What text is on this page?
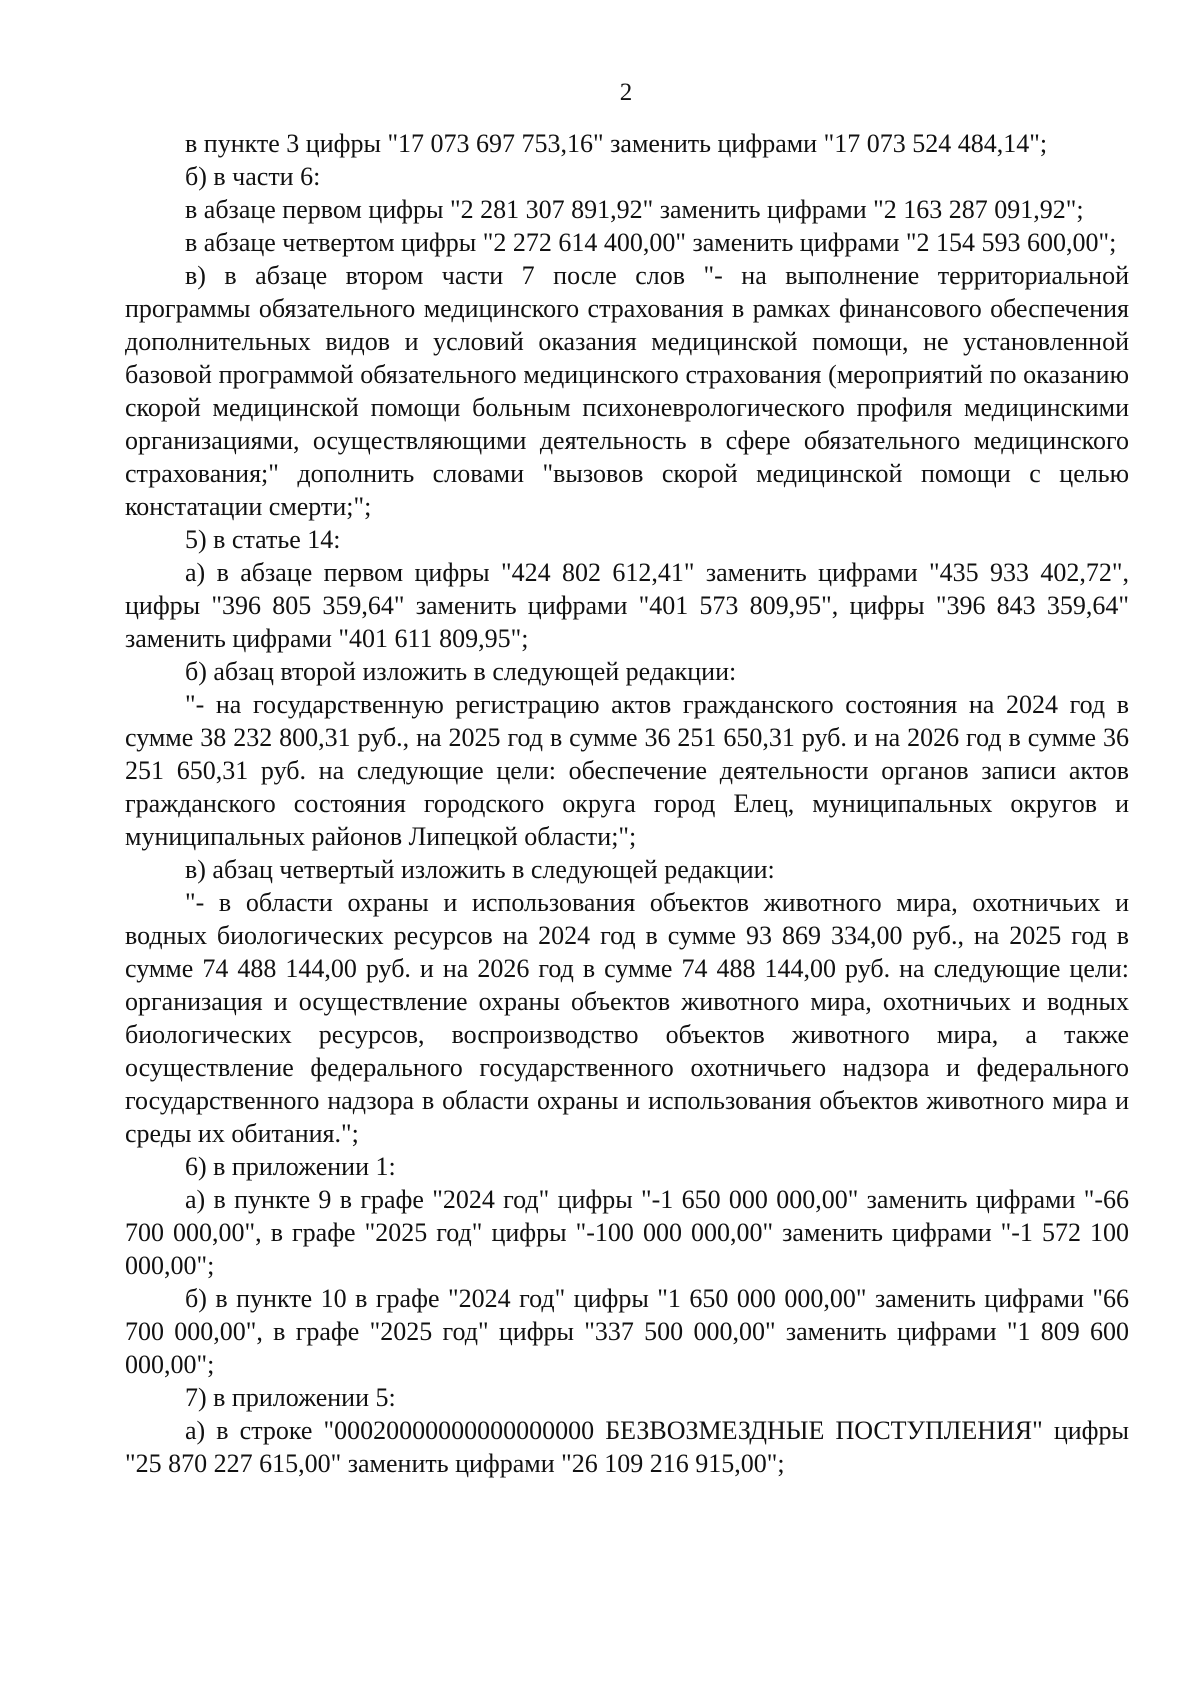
2

в пункте 3 цифры "17 073 697 753,16" заменить цифрами "17 073 524 484,14";

б) в части 6:

в абзаце первом цифры "2 281 307 891,92" заменить цифрами "2 163 287 091,92";

в абзаце четвертом цифры "2 272 614 400,00" заменить цифрами "2 154 593 600,00";

в) в абзаце втором части 7 после слов "- на выполнение территориальной программы обязательного медицинского страхования в рамках финансового обеспечения дополнительных видов и условий оказания медицинской помощи, не установленной базовой программой обязательного медицинского страхования (мероприятий по оказанию скорой медицинской помощи больным психоневрологического профиля медицинскими организациями, осуществляющими деятельность в сфере обязательного медицинского страхования;" дополнить словами "вызовов скорой медицинской помощи с целью констатации смерти;";

5) в статье 14:

а) в абзаце первом цифры "424 802 612,41" заменить цифрами "435 933 402,72", цифры "396 805 359,64" заменить цифрами "401 573 809,95", цифры "396 843 359,64" заменить цифрами "401 611 809,95";

б) абзац второй изложить в следующей редакции:

"- на государственную регистрацию актов гражданского состояния на 2024 год в сумме 38 232 800,31 руб., на 2025 год в сумме 36 251 650,31 руб. и на 2026 год в сумме 36 251 650,31 руб. на следующие цели: обеспечение деятельности органов записи актов гражданского состояния городского округа город Елец, муниципальных округов и муниципальных районов Липецкой области;";

в) абзац четвертый изложить в следующей редакции:

"- в области охраны и использования объектов животного мира, охотничьих и водных биологических ресурсов на 2024 год в сумме 93 869 334,00 руб., на 2025 год в сумме 74 488 144,00 руб. и на 2026 год в сумме 74 488 144,00 руб. на следующие цели: организация и осуществление охраны объектов животного мира, охотничьих и водных биологических ресурсов, воспроизводство объектов животного мира, а также осуществление федерального государственного охотничьего надзора и федерального государственного надзора в области охраны и использования объектов животного мира и среды их обитания.";

6) в приложении 1:

а) в пункте 9 в графе "2024 год" цифры "-1 650 000 000,00" заменить цифрами "-66 700 000,00", в графе "2025 год" цифры "-100 000 000,00" заменить цифрами "-1 572 100 000,00";

б) в пункте 10 в графе "2024 год" цифры "1 650 000 000,00" заменить цифрами "66 700 000,00", в графе "2025 год" цифры "337 500 000,00" заменить цифрами "1 809 600 000,00";

7) в приложении 5:

а) в строке "00020000000000000000 БЕЗВОЗМЕЗДНЫЕ ПОСТУПЛЕНИЯ" цифры "25 870 227 615,00" заменить цифрами "26 109 216 915,00";
